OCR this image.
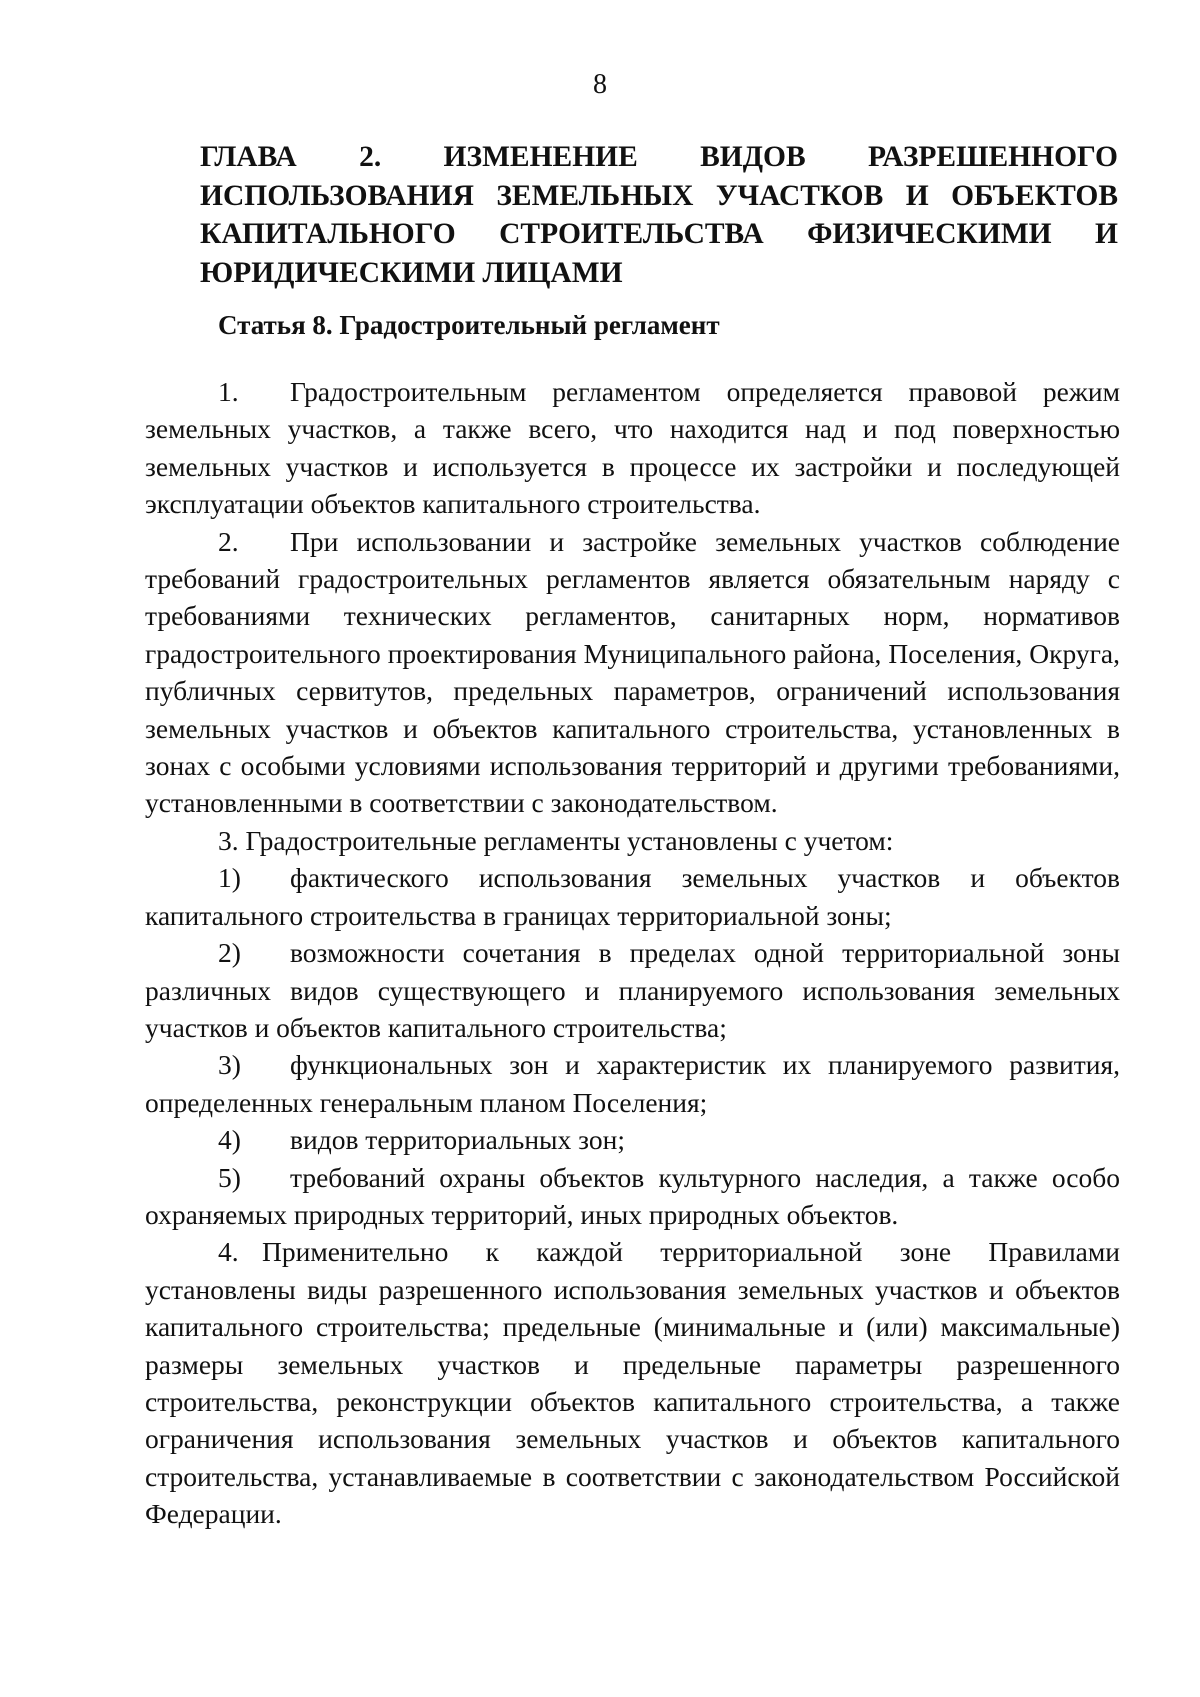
8
ГЛАВА 2. ИЗМЕНЕНИЕ ВИДОВ РАЗРЕШЕННОГО ИСПОЛЬЗОВАНИЯ ЗЕМЕЛЬНЫХ УЧАСТКОВ И ОБЪЕКТОВ КАПИТАЛЬНОГО СТРОИТЕЛЬСТВА ФИЗИЧЕСКИМИ И ЮРИДИЧЕСКИМИ ЛИЦАМИ
Статья 8. Градостроительный регламент

1. Градостроительным регламентом определяется правовой режим земельных участков, а также всего, что находится над и под поверхностью земельных участков и используется в процессе их застройки и последующей эксплуатации объектов капитального строительства.

2. При использовании и застройке земельных участков соблюдение требований градостроительных регламентов является обязательным наряду с требованиями технических регламентов, санитарных норм, нормативов градостроительного проектирования Муниципального района, Поселения, Округа, публичных сервитутов, предельных параметров, ограничений использования земельных участков и объектов капитального строительства, установленных в зонах с особыми условиями использования территорий и другими требованиями, установленными в соответствии с законодательством.

3. Градостроительные регламенты установлены с учетом:

1) фактического использования земельных участков и объектов капитального строительства в границах территориальной зоны;

2) возможности сочетания в пределах одной территориальной зоны различных видов существующего и планируемого использования земельных участков и объектов капитального строительства;

3) функциональных зон и характеристик их планируемого развития, определенных генеральным планом Поселения;

4) видов территориальных зон;

5) требований охраны объектов культурного наследия, а также особо охраняемых природных территорий, иных природных объектов.

4. Применительно к каждой территориальной зоне Правилами установлены виды разрешенного использования земельных участков и объектов капитального строительства; предельные (минимальные и (или) максимальные) размеры земельных участков и предельные параметры разрешенного строительства, реконструкции объектов капитального строительства, а также ограничения использования земельных участков и объектов капитального строительства, устанавливаемые в соответствии с законодательством Российской Федерации.
